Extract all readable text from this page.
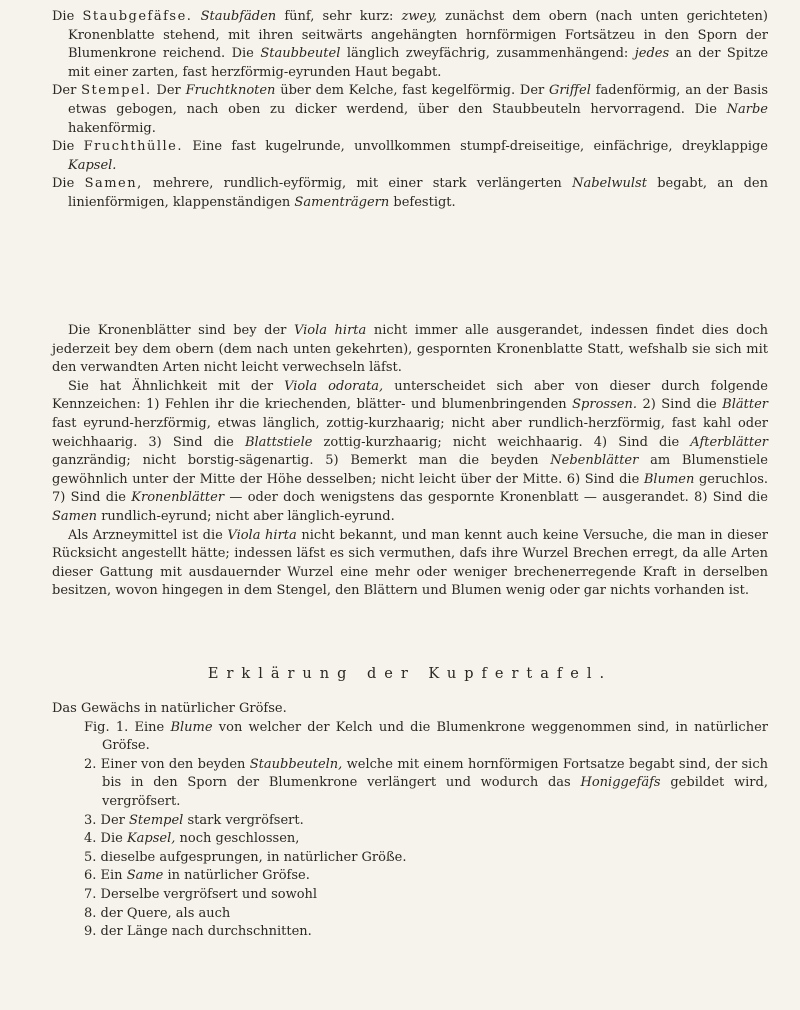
Die Staubgefäfse. Staubfäden fünf, sehr kurz: zwey, zunächst dem obern (nach unten gerichteten) Kronenblatte stehend, mit ihren seitwärts angehängten hornförmigen Fortsätzeu in den Sporn der Blumenkrone reichend. Die Staubbeutel länglich zweyfächrig, zusammenhängend: jedes an der Spitze mit einer zarten, fast herzförmig-eyrunden Haut begabt.

Der Stempel. Der Fruchtknoten über dem Kelche, fast kegelförmig. Der Griffel fadenförmig, an der Basis etwas gebogen, nach oben zu dicker werdend, über den Staubbeuteln hervorragend. Die Narbe hakenförmig.

Die Fruchthülle. Eine fast kugelrunde, unvollkommen stumpf-dreiseitige, einfächrige, dreyklappige Kapsel.

Die Samen, mehrere, rundlich-eyförmig, mit einer stark verlängerten Nabelwulst begabt, an den linienförmigen, klappenständigen Samenträgern befestigt.

Die Kronenblätter sind bey der Viola hirta nicht immer alle ausgerandet, indessen findet dies doch jederzeit bey dem obern (dem nach unten gekehrten), gespornten Kronenblatte Statt, wefshalb sie sich mit den verwandten Arten nicht leicht verwechseln läfst.

Sie hat Ähnlichkeit mit der Viola odorata, unterscheidet sich aber von dieser durch folgende Kennzeichen: 1) Fehlen ihr die kriechenden, blätter- und blumenbringenden Sprossen. 2) Sind die Blätter fast eyrund-herzförmig, etwas länglich, zottig-kurzhaarig; nicht aber rundlich-herzförmig, fast kahl oder weichhaarig. 3) Sind die Blattstiele zottig-kurzhaarig; nicht weichhaarig. 4) Sind die Afterblätter ganzrändig; nicht borstig-sägenartig. 5) Bemerkt man die beyden Nebenblätter am Blumenstiele gewöhnlich unter der Mitte der Höhe desselben; nicht leicht über der Mitte. 6) Sind die Blumen geruchlos. 7) Sind die Kronenblätter — oder doch wenigstens das gespornte Kronenblatt — ausgerandet. 8) Sind die Samen rundlich-eyrund; nicht aber länglich-eyrund.

Als Arzneymittel ist die Viola hirta nicht bekannt, und man kennt auch keine Versuche, die man in dieser Rücksicht angestellt hätte; indessen läfst es sich vermuthen, dafs ihre Wurzel Brechen erregt, da alle Arten dieser Gattung mit ausdauernder Wurzel eine mehr oder weniger brechenerregende Kraft in derselben besitzen, wovon hingegen in dem Stengel, den Blättern und Blumen wenig oder gar nichts vorhanden ist.

Erklärung der Kupfertafel.

Das Gewächs in natürlicher Gröfse.

Fig. 1. Eine Blume von welcher der Kelch und die Blumenkrone weggenommen sind, in natürlicher Gröfse.

2. Einer von den beyden Staubbeuteln, welche mit einem hornförmigen Fortsatze begabt sind, der sich bis in den Sporn der Blumenkrone verlängert und wodurch das Honiggefäfs gebildet wird, vergröfsert.

3. Der Stempel stark vergröfsert.

4. Die Kapsel, noch geschlossen,

5. dieselbe aufgesprungen, in natürlicher Größe.

6. Ein Same in natürlicher Gröfse.

7. Derselbe vergröfsert und sowohl

8. der Quere, als auch

9. der Länge nach durchschnitten.
